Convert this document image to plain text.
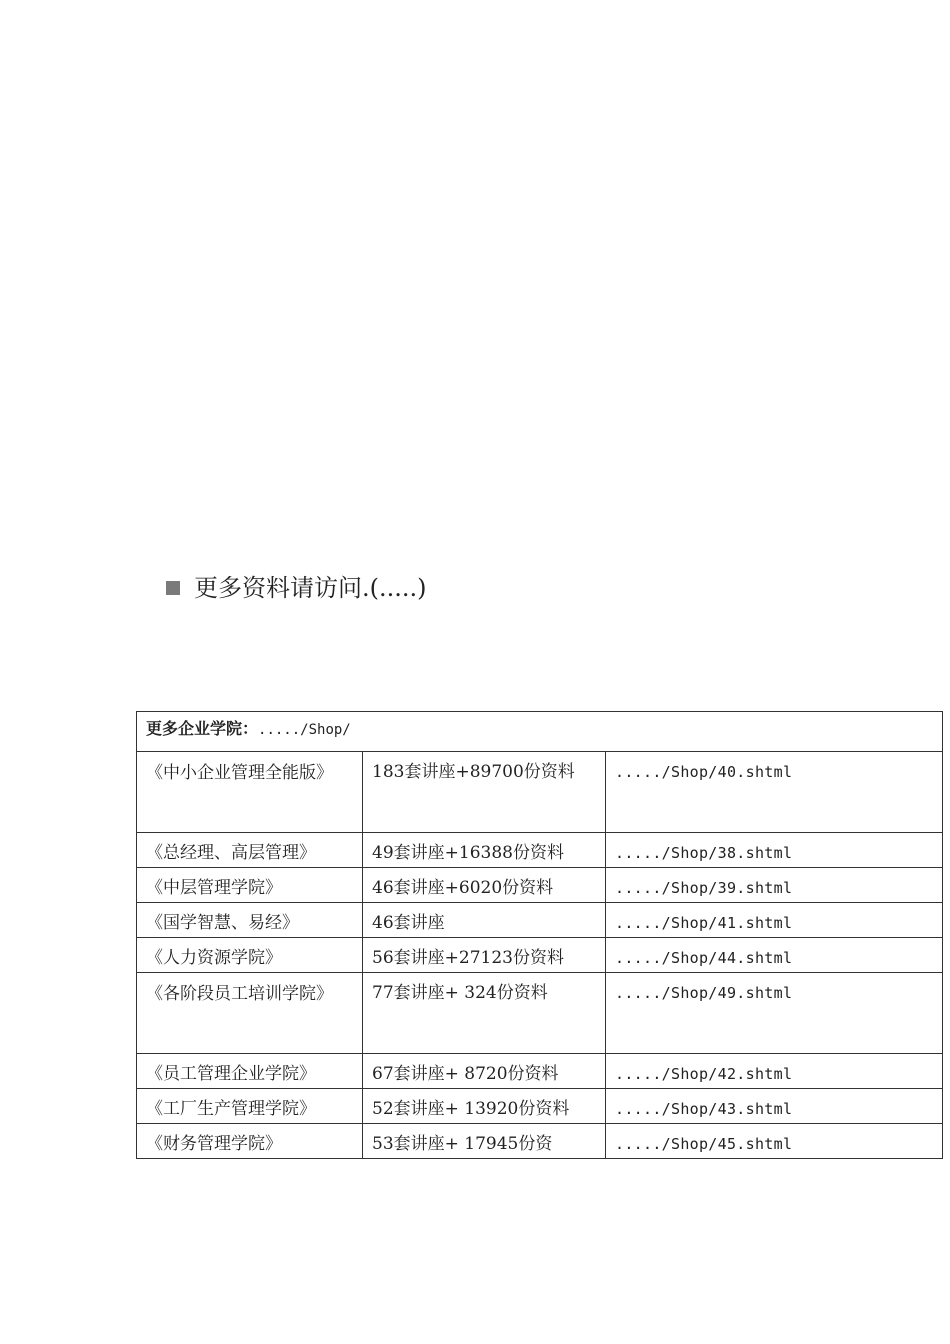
更多资料请访问.(.....)
更多企业学院：...../Shop/		
《中小企业管理全能版》	183套讲座+89700份资料	...../Shop/40.shtml
《总经理、高层管理》	49套讲座+16388份资料	...../Shop/38.shtml
《中层管理学院》	46套讲座+6020份资料	...../Shop/39.shtml
《国学智慧、易经》	46套讲座	...../Shop/41.shtml
《人力资源学院》	56套讲座+27123份资料	...../Shop/44.shtml
《各阶段员工培训学院》	77套讲座+ 324份资料	...../Shop/49.shtml
《员工管理企业学院》	67套讲座+ 8720份资料	...../Shop/42.shtml
《工厂生产管理学院》	52套讲座+ 13920份资料	...../Shop/43.shtml
《财务管理学院》	53套讲座+ 17945份资	...../Shop/45.shtml
